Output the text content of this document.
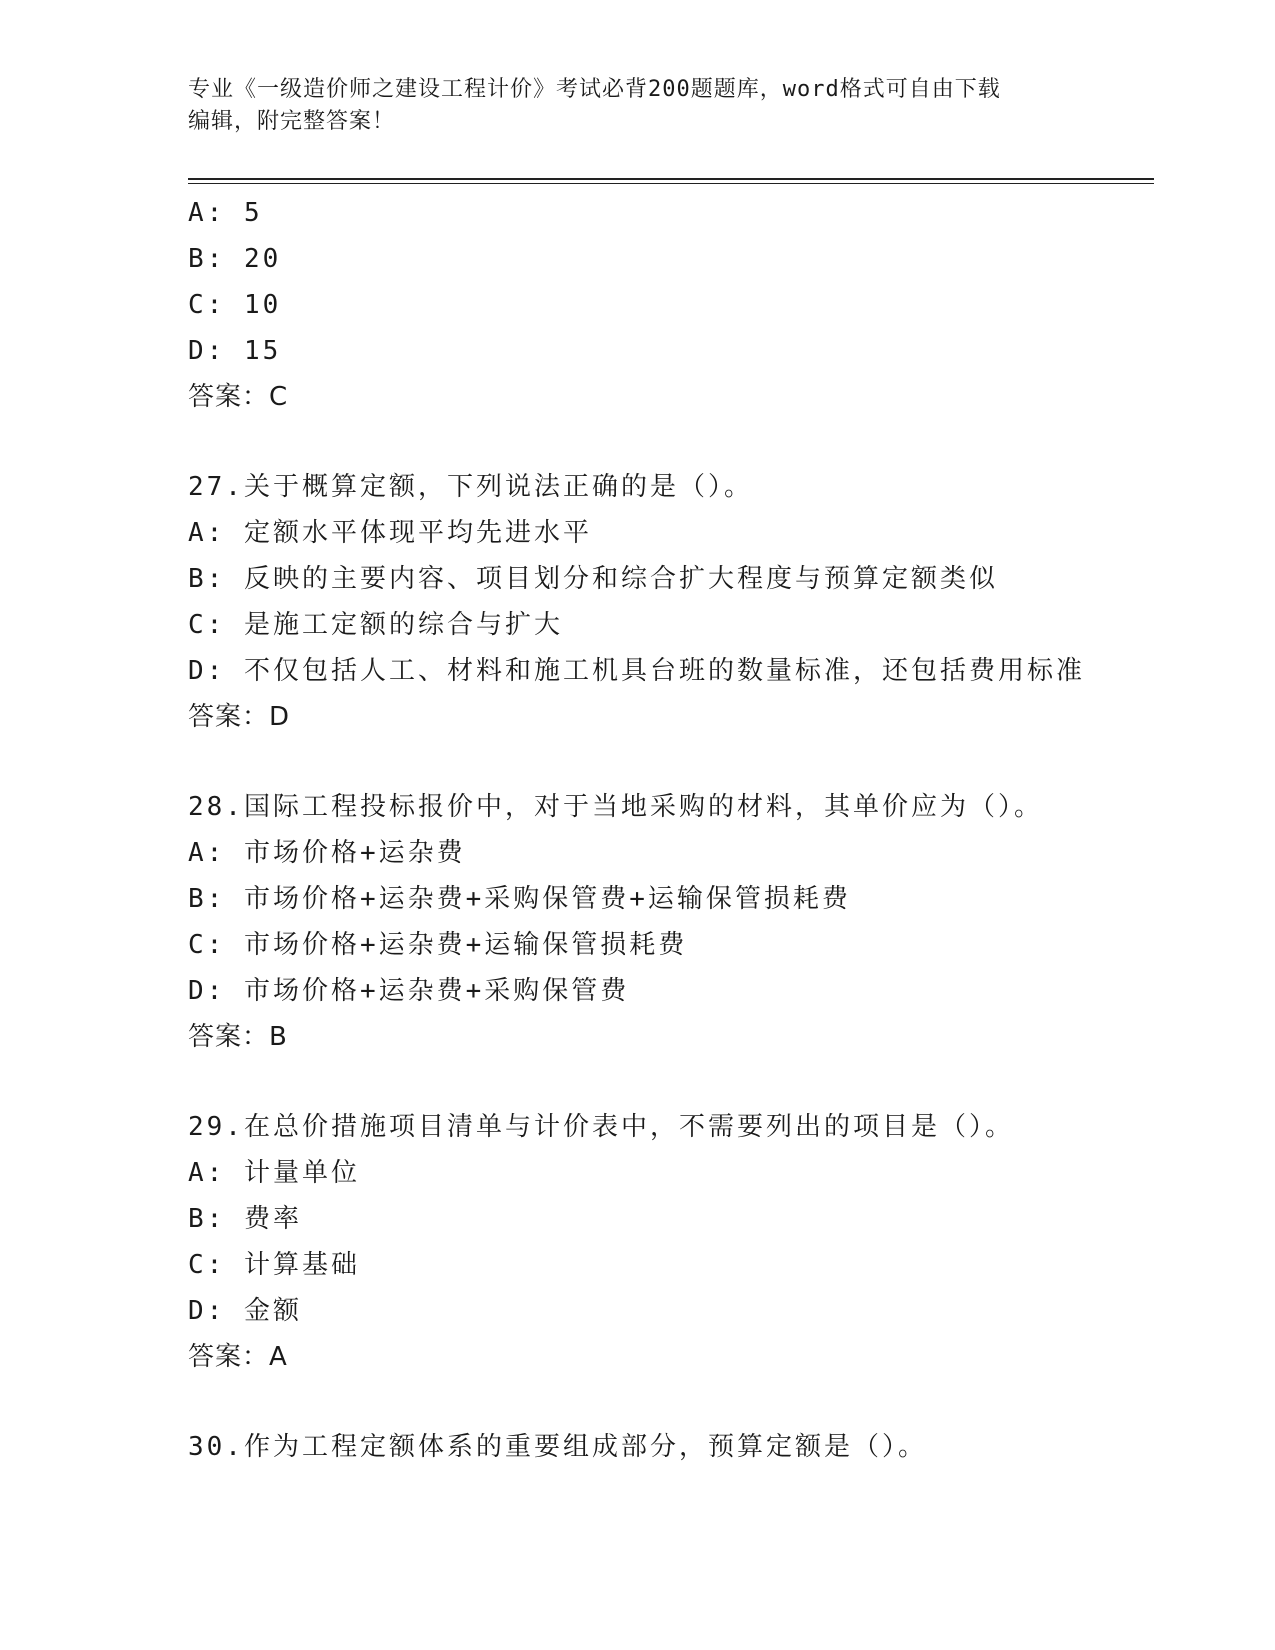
专业《一级造价师之建设工程计价》考试必背200题题库，word格式可自由下载
编辑，附完整答案！
A: 5
B: 20
C: 10
D: 15
答案：C
27.关于概算定额，下列说法正确的是（）。
A: 定额水平体现平均先进水平
B: 反映的主要内容、项目划分和综合扩大程度与预算定额类似
C: 是施工定额的综合与扩大
D: 不仅包括人工、材料和施工机具台班的数量标准，还包括费用标准
答案：D
28.国际工程投标报价中，对于当地采购的材料，其单价应为（）。
A: 市场价格+运杂费
B: 市场价格+运杂费+采购保管费+运输保管损耗费
C: 市场价格+运杂费+运输保管损耗费
D: 市场价格+运杂费+采购保管费
答案：B
29.在总价措施项目清单与计价表中，不需要列出的项目是（）。
A: 计量单位
B: 费率
C: 计算基础
D: 金额
答案：A
30.作为工程定额体系的重要组成部分，预算定额是（）。
